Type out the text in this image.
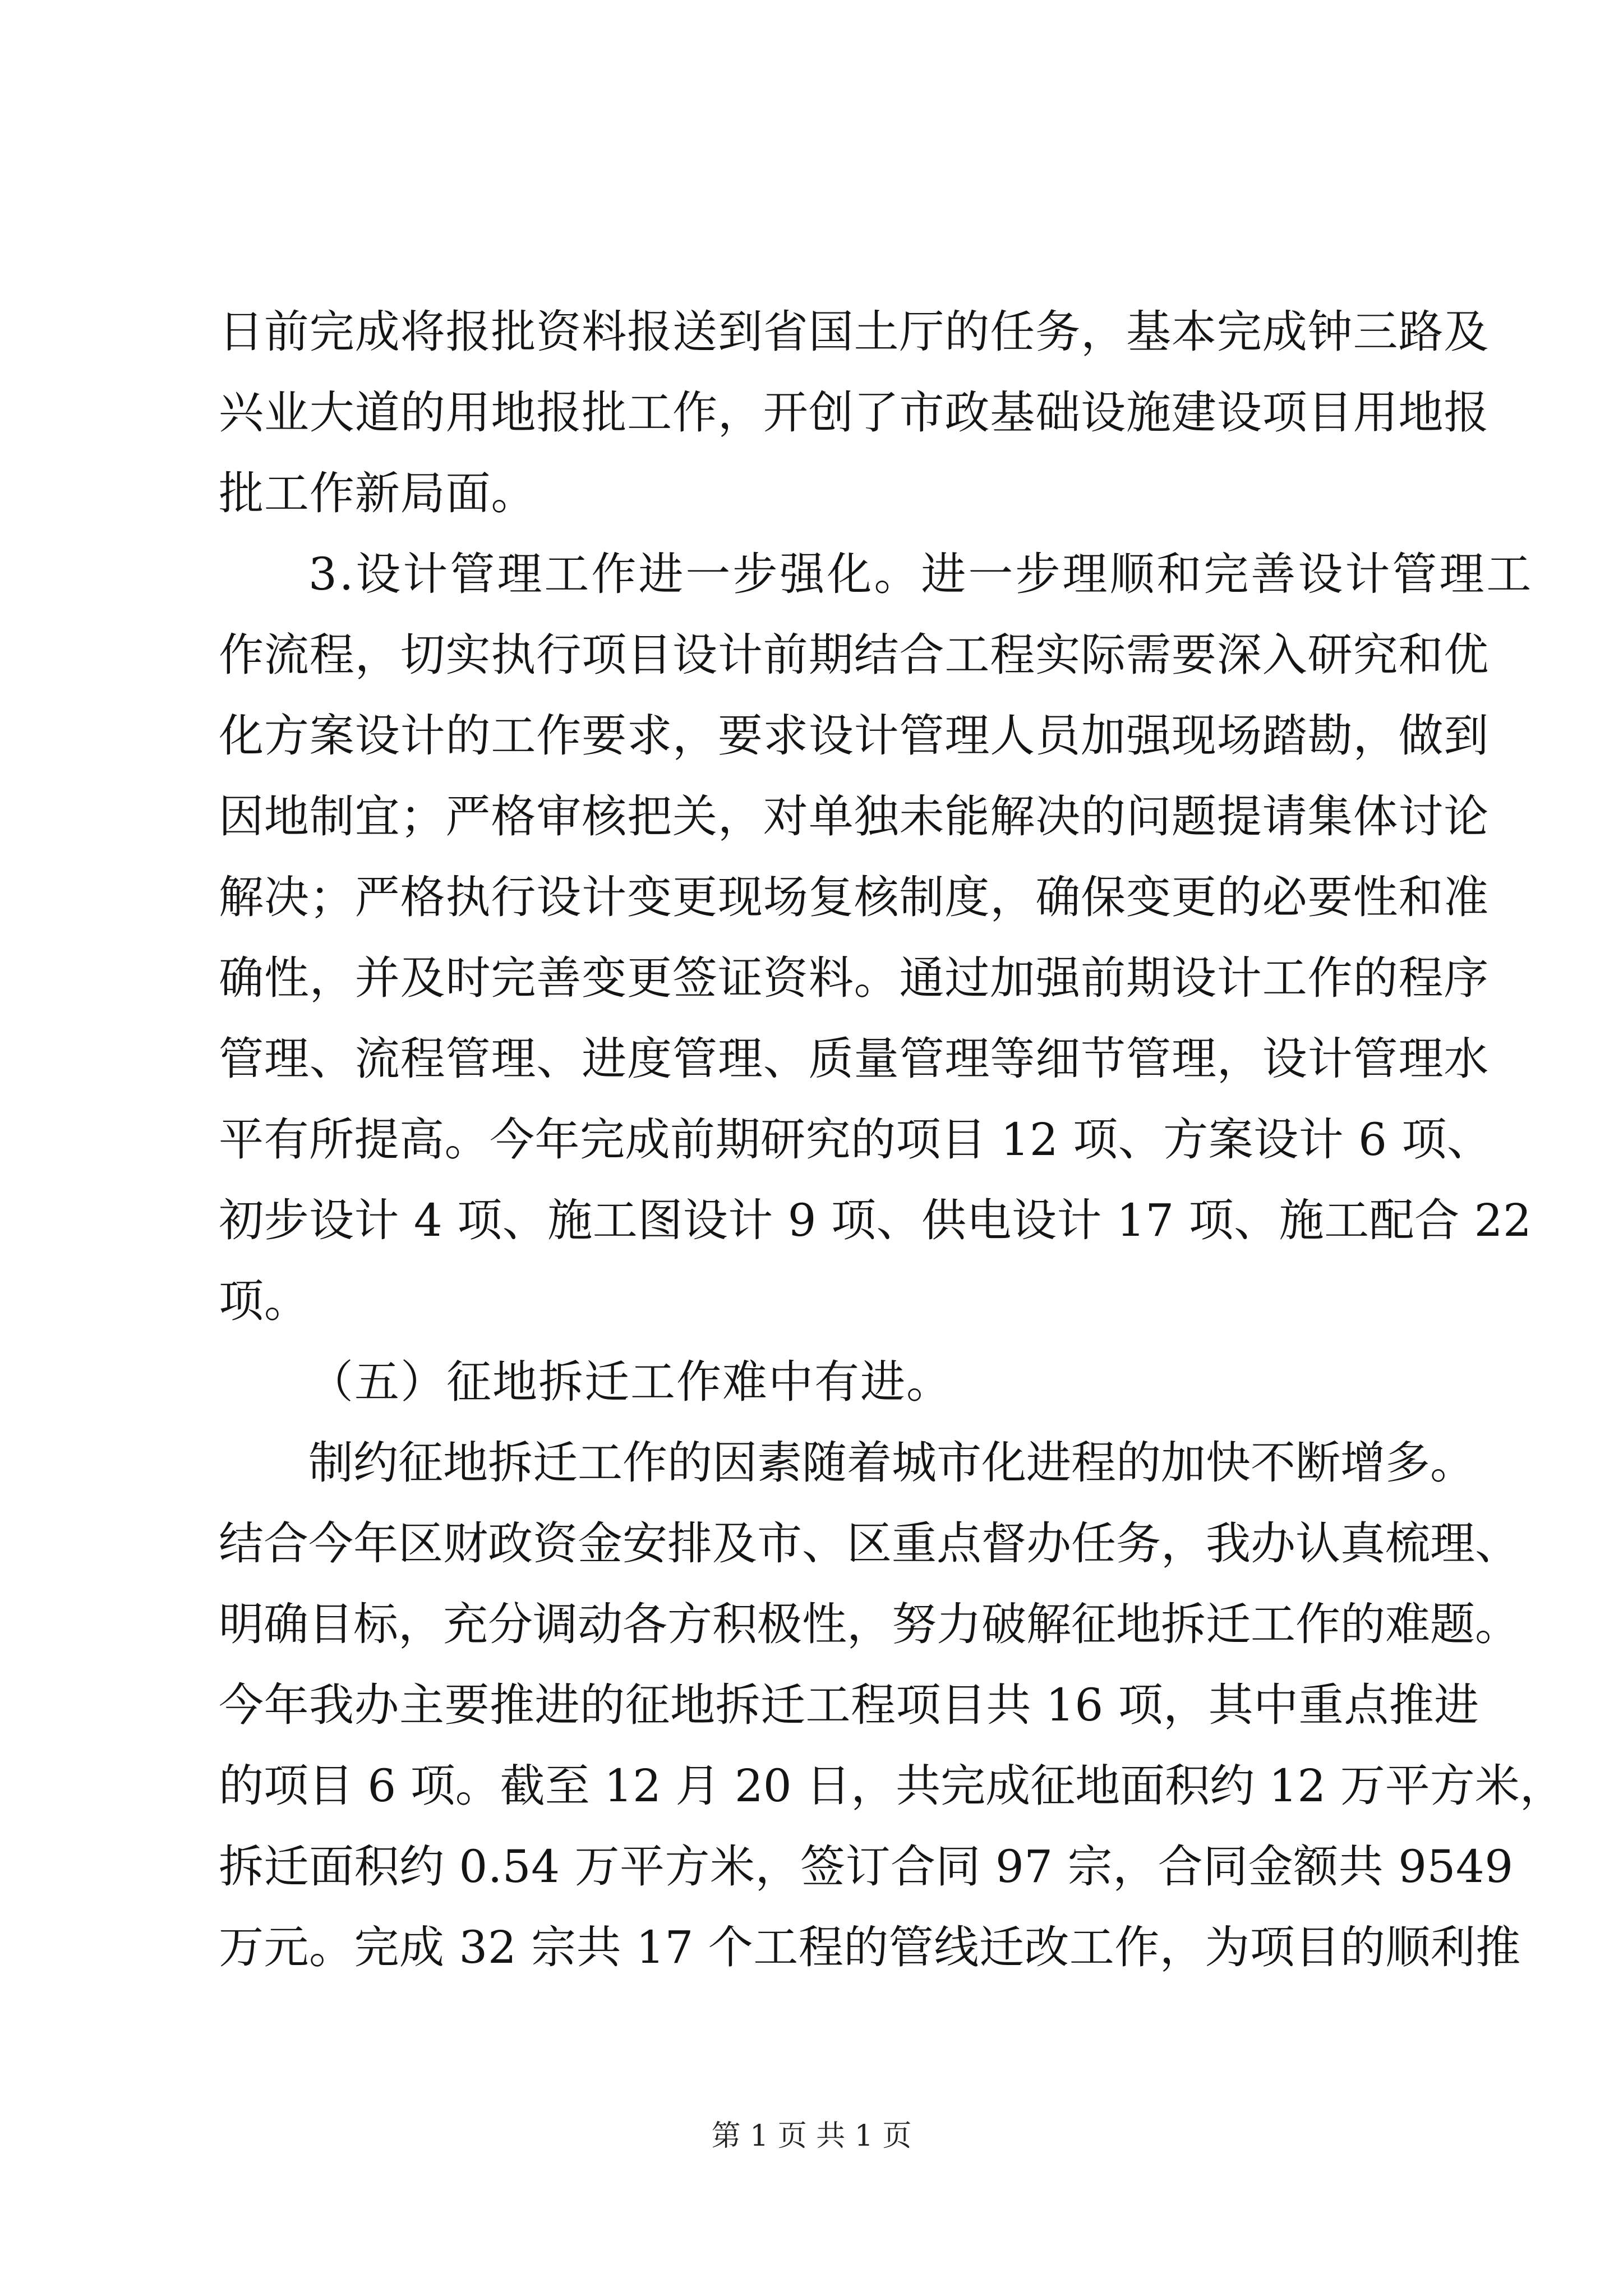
日前完成将报批资料报送到省国土厅的任务，基本完成钟三路及
兴业大道的用地报批工作，开创了市政基础设施建设项目用地报
批工作新局面。
3.设计管理工作进一步强化。进一步理顺和完善设计管理工
作流程，切实执行项目设计前期结合工程实际需要深入研究和优
化方案设计的工作要求，要求设计管理人员加强现场踏勘，做到
因地制宜；严格审核把关，对单独未能解决的问题提请集体讨论
解决；严格执行设计变更现场复核制度，确保变更的必要性和准
确性，并及时完善变更签证资料。通过加强前期设计工作的程序
管理、流程管理、进度管理、质量管理等细节管理，设计管理水
平有所提高。今年完成前期研究的项目 12 项、方案设计 6 项、
初步设计 4 项、施工图设计 9 项、供电设计 17 项、施工配合 22
项。
（五）征地拆迁工作难中有进。
制约征地拆迁工作的因素随着城市化进程的加快不断增多。
结合今年区财政资金安排及市、区重点督办任务，我办认真梳理、
明确目标，充分调动各方积极性，努力破解征地拆迁工作的难题。
今年我办主要推进的征地拆迁工程项目共 16 项，其中重点推进
的项目 6 项。截至 12 月 20 日，共完成征地面积约 12 万平方米，
拆迁面积约 0.54 万平方米，签订合同 97 宗，合同金额共 9549
万元。完成 32 宗共 17 个工程的管线迁改工作，为项目的顺利推
第 1 页 共 1 页
